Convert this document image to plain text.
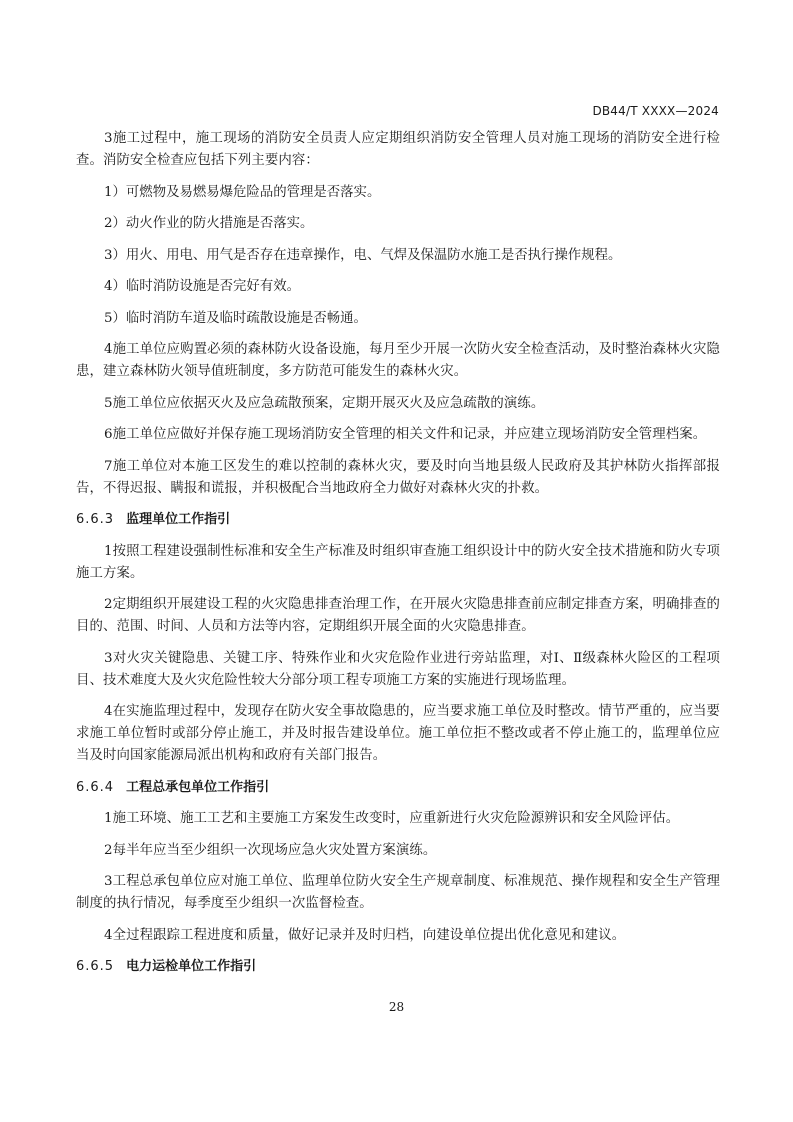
DB44/T XXXX—2024
3施工过程中，施工现场的消防安全员责人应定期组织消防安全管理人员对施工现场的消防安全进行检查。消防安全检查应包括下列主要内容：
1）可燃物及易燃易爆危险品的管理是否落实。
2）动火作业的防火措施是否落实。
3）用火、用电、用气是否存在违章操作，电、气焊及保温防水施工是否执行操作规程。
4）临时消防设施是否完好有效。
5）临时消防车道及临时疏散设施是否畅通。
4施工单位应购置必须的森林防火设备设施，每月至少开展一次防火安全检查活动，及时整治森林火灾隐患，建立森林防火领导值班制度，多方防范可能发生的森林火灾。
5施工单位应依据灭火及应急疏散预案，定期开展灭火及应急疏散的演练。
6施工单位应做好并保存施工现场消防安全管理的相关文件和记录，并应建立现场消防安全管理档案。
7施工单位对本施工区发生的难以控制的森林火灾，要及时向当地县级人民政府及其护林防火指挥部报告，不得迟报、瞒报和谎报，并积极配合当地政府全力做好对森林火灾的扑救。
6.6.3 监理单位工作指引
1按照工程建设强制性标准和安全生产标准及时组织审查施工组织设计中的防火安全技术措施和防火专项施工方案。
2定期组织开展建设工程的火灾隐患排查治理工作，在开展火灾隐患排查前应制定排查方案，明确排查的目的、范围、时间、人员和方法等内容，定期组织开展全面的火灾隐患排查。
3对火灾关键隐患、关键工序、特殊作业和火灾危险作业进行旁站监理，对Ⅰ、Ⅱ级森林火险区的工程项目、技术难度大及火灾危险性较大分部分项工程专项施工方案的实施进行现场监理。
4在实施监理过程中，发现存在防火安全事故隐患的，应当要求施工单位及时整改。情节严重的，应当要求施工单位暂时或部分停止施工，并及时报告建设单位。施工单位拒不整改或者不停止施工的，监理单位应当及时向国家能源局派出机构和政府有关部门报告。
6.6.4 工程总承包单位工作指引
1施工环境、施工工艺和主要施工方案发生改变时，应重新进行火灾危险源辨识和安全风险评估。
2每半年应当至少组织一次现场应急火灾处置方案演练。
3工程总承包单位应对施工单位、监理单位防火安全生产规章制度、标准规范、操作规程和安全生产管理制度的执行情况，每季度至少组织一次监督检查。
4全过程跟踪工程进度和质量，做好记录并及时归档，向建设单位提出优化意见和建议。
6.6.5 电力运检单位工作指引
28
